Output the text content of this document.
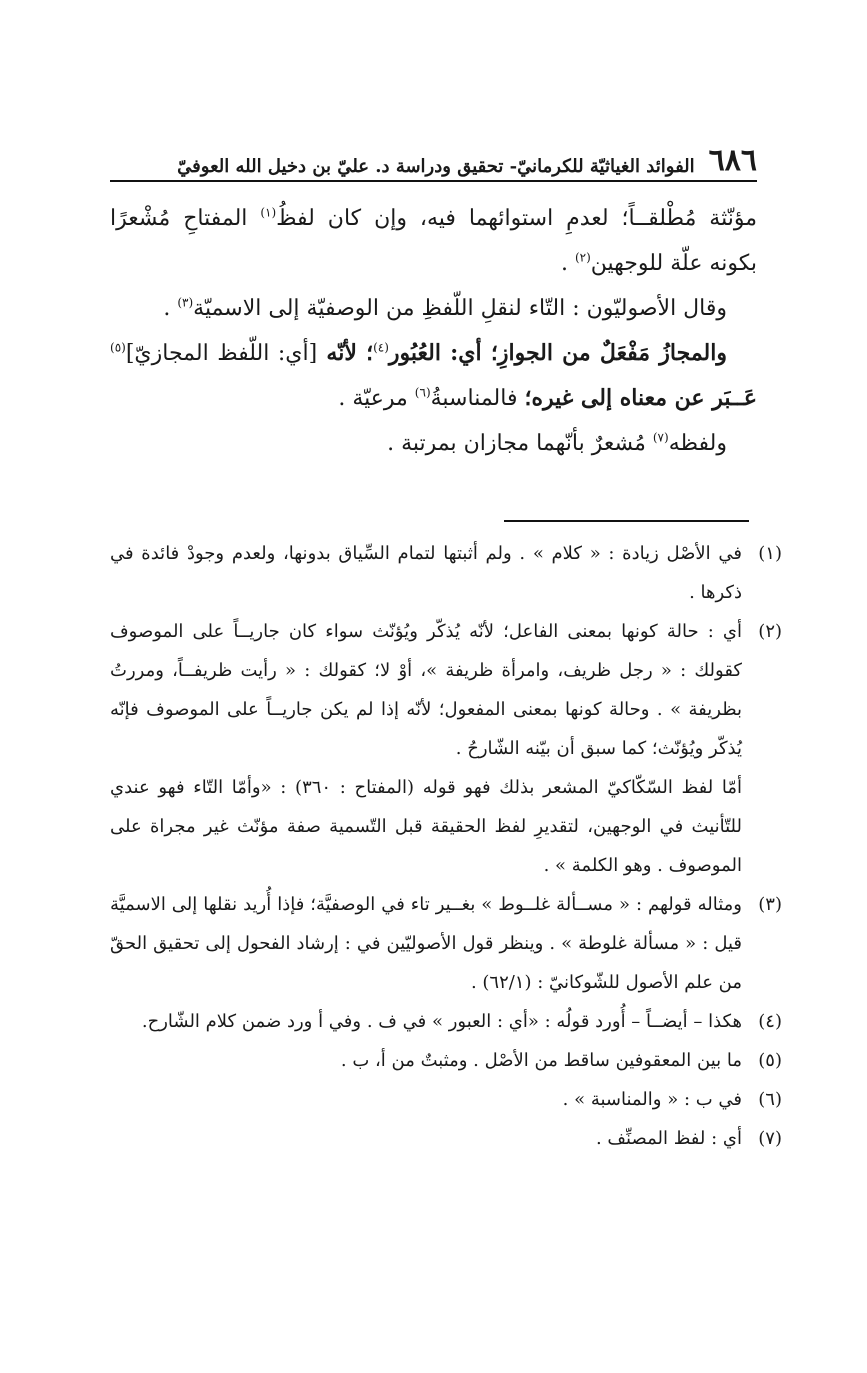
٦٨٦
الفوائد الغياثيّة للكرمانيّ- تحقيق ودراسة د. عليّ بن دخيل الله العوفيّ

مؤنّثة مُطْلقــاً؛ لعدمِ استوائهما فيه، وإن كان لفظُ$^{(١)}$ المفتاحِ مُشْعرًا بكونه علّة للوجهين$^{(٢)}$ .

وقال الأصوليّون : التّاء لنقلِ اللّفظِ من الوصفيّة إلى الاسميّة$^{(٣)}$ .

والمجازُ مَفْعَلٌ من الجوازِ؛ أي: العُبُور$^{(٤)}$؛ لأنّه [أي: اللّفظ المجازيّ]$^{(٥)}$ عَــبَر عن معناه إلى غيره؛ فالمناسبةُ$^{(٦)}$ مرعيّة .

ولفظه$^{(٧)}$ مُشعرٌ بأنّهما مجازان بمرتبة .

(١)في الأصْل زيادة : « كلام » . ولم أثبتها لتمام السِّياق بدونها، ولعدم وجودْ فائدة في ذكرها .

(٢)أي : حالة كونها بمعنى الفاعل؛ لأنّه يُذكّر ويُؤنّث سواء كان جاريــاً على الموصوف كقولك : « رجل ظريف، وامرأة ظريفة »، أوْ لا؛ كقولك : « رأيت ظريفــاً، ومررتُ بظريفة » . وحالة كونها بمعنى المفعول؛ لأنّه إذا لم يكن جاريــاً على الموصوف فإنّه يُذكّر ويُؤنّث؛ كما سبق أن بيّنه الشّارحُ .

أمّا لفظ السّكّاكيّ المشعر بذلك فهو قوله (المفتاح : ٣٦٠) : «وأمّا التّاء فهو عندي للتّأنيث في الوجهين، لتقديرِ لفظ الحقيقة قبل التّسمية صفة مؤنّث غير مجراة على الموصوف . وهو الكلمة » .

(٣)ومثاله قولهم : « مســألة غلــوط » بغــير تاء في الوصفيَّة؛ فإذا أُريد نقلها إلى الاسميَّة قيل : « مسألة غلوطة » . وينظر قول الأصوليّين في : إرشاد الفحول إلى تحقيق الحقّ من علم الأصول للشّوكانيّ : (٦٢/١) .

(٤)هكذا – أيضــاً – أُورد قولُه : «أي : العبور » في ف . وفي أ ورد ضمن كلام الشّارح.

(٥)ما بين المعقوفين ساقط من الأصْل . ومثبتٌ من أ، ب .

(٦)في ب : « والمناسبة » .

(٧)أي : لفظ المصنِّف .
